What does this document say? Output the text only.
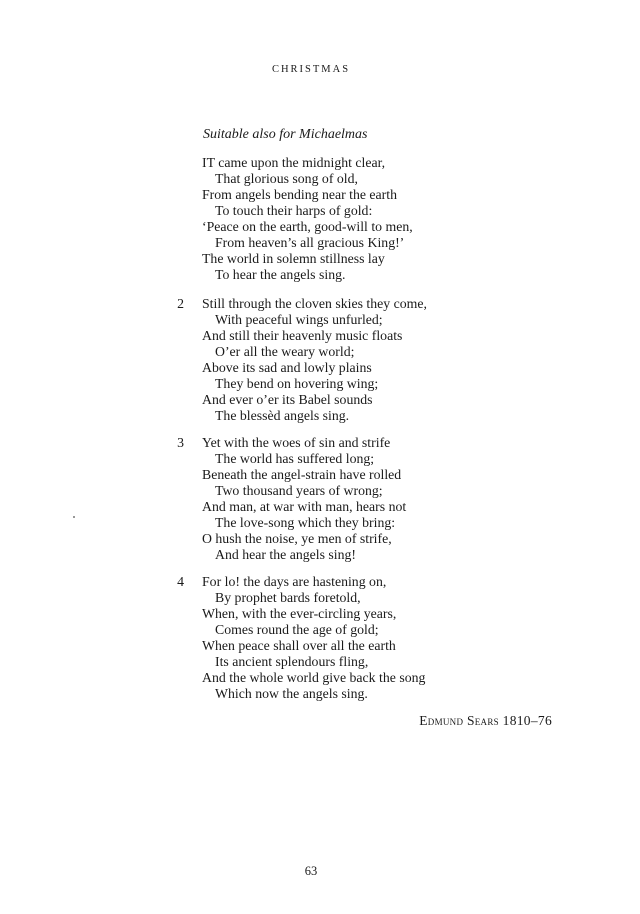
CHRISTMAS
Suitable also for Michaelmas
IT came upon the midnight clear,
That glorious song of old,
From angels bending near the earth
To touch their harps of gold:
‘Peace on the earth, good-will to men,
From heaven’s all gracious King!’
The world in solemn stillness lay
To hear the angels sing.
2 Still through the cloven skies they come,
With peaceful wings unfurled;
And still their heavenly music floats
O’er all the weary world;
Above its sad and lowly plains
They bend on hovering wing;
And ever o’er its Babel sounds
The blessèd angels sing.
3 Yet with the woes of sin and strife
The world has suffered long;
Beneath the angel-strain have rolled
Two thousand years of wrong;
And man, at war with man, hears not
The love-song which they bring:
O hush the noise, ye men of strife,
And hear the angels sing!
4 For lo! the days are hastening on,
By prophet bards foretold,
When, with the ever-circling years,
Comes round the age of gold;
When peace shall over all the earth
Its ancient splendours fling,
And the whole world give back the song
Which now the angels sing.
Edmund Sears 1810–76
63
